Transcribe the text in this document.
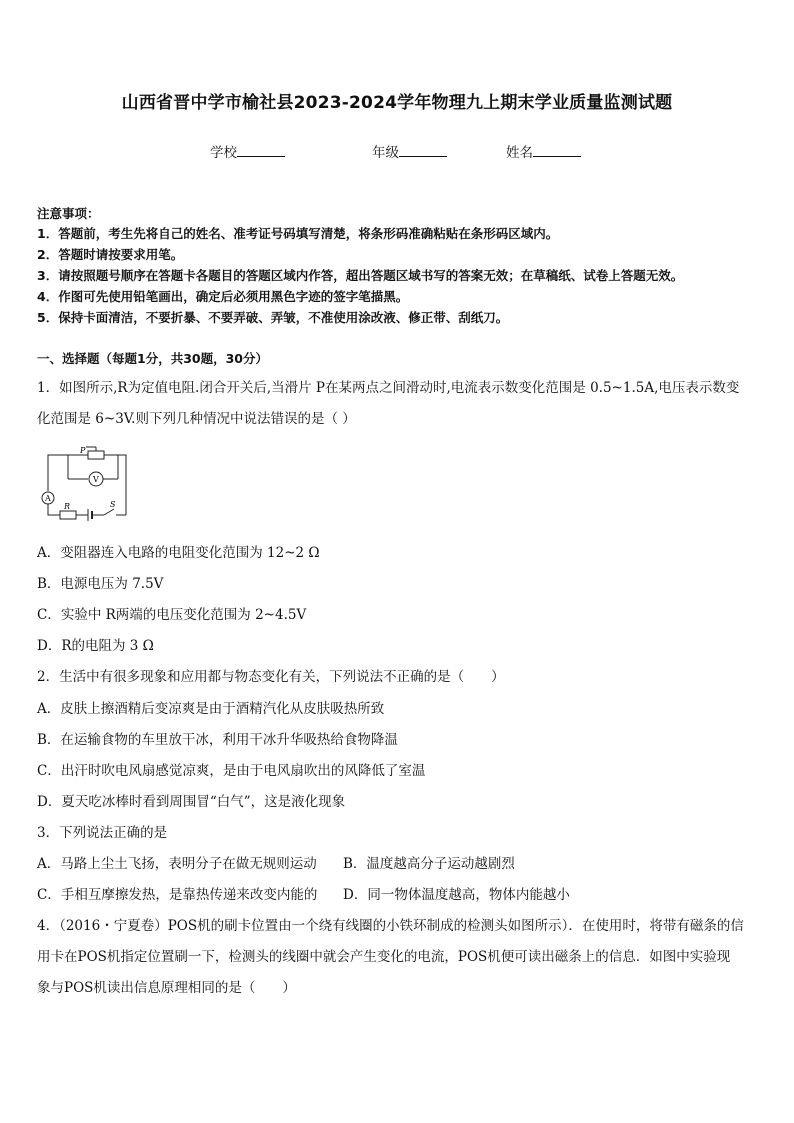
山西省晋中学市榆社县2023-2024学年物理九上期末学业质量监测试题
学校	年级	姓名
注意事项：
1．答题前，考生先将自己的姓名、准考证号码填写清楚，将条形码准确粘贴在条形码区域内。
2．答题时请按要求用笔。
3．请按照题号顺序在答题卡各题目的答题区域内作答，超出答题区域书写的答案无效；在草稿纸、试卷上答题无效。
4．作图可先使用铅笔画出，确定后必须用黑色字迹的签字笔描黑。
5．保持卡面清洁，不要折暴、不要弄破、弄皱，不准使用涂改液、修正带、刮纸刀。
一、选择题（每题1分，共30题，30分）
1．如图所示,R为定值电阻.闭合开关后,当滑片 P在某两点之间滑动时,电流表示数变化范围是 0.5~1.5A,电压表示数变
化范围是 6~3V.则下列几种情况中说法错误的是（ ）
P
V
A
R	S
A．变阻器连入电路的电阻变化范围为 12~2 Ω
B．电源电压为 7.5V
C．实验中 R两端的电压变化范围为 2~4.5V
D．R的电阻为 3 Ω
2．生活中有很多现象和应用都与物态变化有关，下列说法不正确的是（　　）
A．皮肤上擦酒精后变凉爽是由于酒精汽化从皮肤吸热所致
B．在运输食物的车里放干冰，利用干冰升华吸热给食物降温
C．出汗时吹电风扇感觉凉爽，是由于电风扇吹出的风降低了室温
D．夏天吃冰棒时看到周围冒“白气”，这是液化现象
3．下列说法正确的是
A．马路上尘土飞扬，表明分子在做无规则运动 B．温度越高分子运动越剧烈
C．手相互摩擦发热，是靠热传递来改变内能的 D．同一物体温度越高，物体内能越小
4．（2016・宁夏卷）POS机的刷卡位置由一个绕有线圈的小铁环制成的检测头如图所示）．在使用时，将带有磁条的信
用卡在POS机指定位置刷一下，检测头的线圈中就会产生变化的电流，POS机便可读出磁条上的信息．如图中实验现
象与POS机读出信息原理相同的是（　　）
